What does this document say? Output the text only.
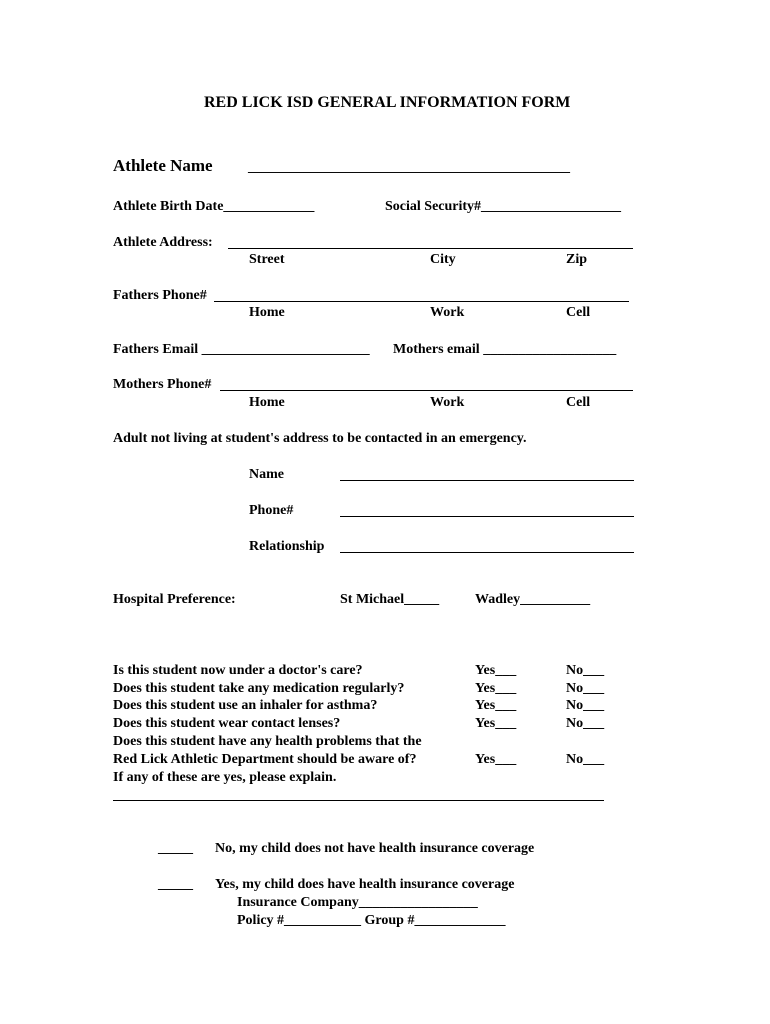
RED LICK ISD GENERAL INFORMATION FORM
Athlete Name	______________________________________________
Athlete Birth Date_____________	Social Security#____________________
Athlete Address:
Street	City	Zip
Fathers Phone#
Home	Work	Cell
Fathers Email ________________________ Mothers email ___________________
Mothers Phone#
Home	Work	Cell
Adult not living at student's address to be contacted in an emergency.
Name
Phone#
Relationship
Hospital Preference:	St Michael_____	Wadley__________
Is this student now under a doctor's care?	Yes___	No___
Does this student take any medication regularly?	Yes___	No___
Does this student use an inhaler for asthma?	Yes___	No___
Does this student wear contact lenses?	Yes___	No___
Does this student have any health problems that the
Red Lick Athletic Department should be aware of?	Yes___	No___
If any of these are yes, please explain.
_____ No, my child does not have health insurance coverage
_____ Yes, my child does have health insurance coverage
Insurance Company_________________
Policy #___________ Group #_____________
